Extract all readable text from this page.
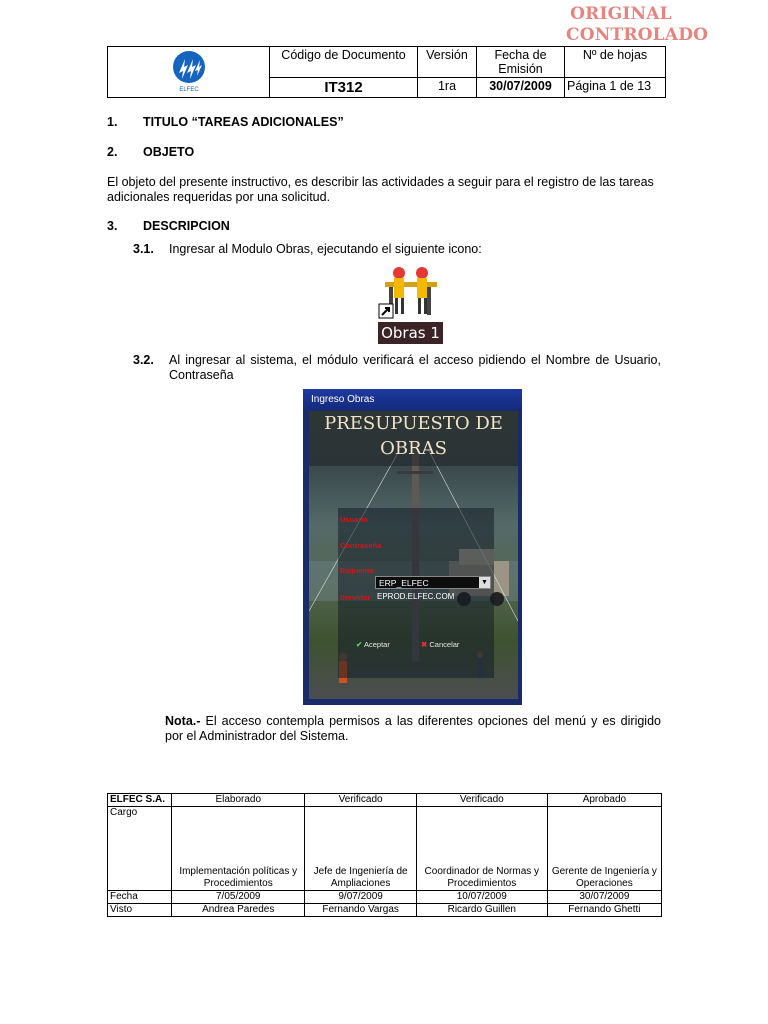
ORIGINAL
CONTROLADO
ELFEC	Código de Documento	Versión	Fecha de Emisión	Nº de hojas
	IT312	1ra	30/07/2009	Página 1 de 13
1. TITULO “TAREAS ADICIONALES”
2. OBJETO
El objeto del presente instructivo, es describir las actividades a seguir para el registro de las tareas adicionales requeridas por una solicitud.
3. DESCRIPCION
3.1. Ingresar al Modulo Obras, ejecutando el siguiente icono:
Obras 1
3.2. Al ingresar al sistema, el módulo verificará el acceso pidiendo el Nombre de Usuario, Contraseña
Ingreso Obras
PRESUPUESTO DE
OBRAS
Usuario
Contraseña
Esquema
ERP_ELFEC	▼
Servidor EPROD.ELFEC.COM
✔ Aceptar	✖ Cancelar
Nota.- El acceso contempla permisos a las diferentes opciones del menú y es dirigido por el Administrador del Sistema.
ELFEC S.A.	Elaborado	Verificado	Verificado	Aprobado
Cargo	Implementación políticas y Procedimientos	Jefe de Ingeniería de Ampliaciones	Coordinador de Normas y Procedimientos	Gerente de Ingeniería y Operaciones
Fecha	7/05/2009	9/07/2009	10/07/2009	30/07/2009
Visto	Andrea Paredes	Fernando Vargas	Ricardo Guillen	Fernando Ghetti
